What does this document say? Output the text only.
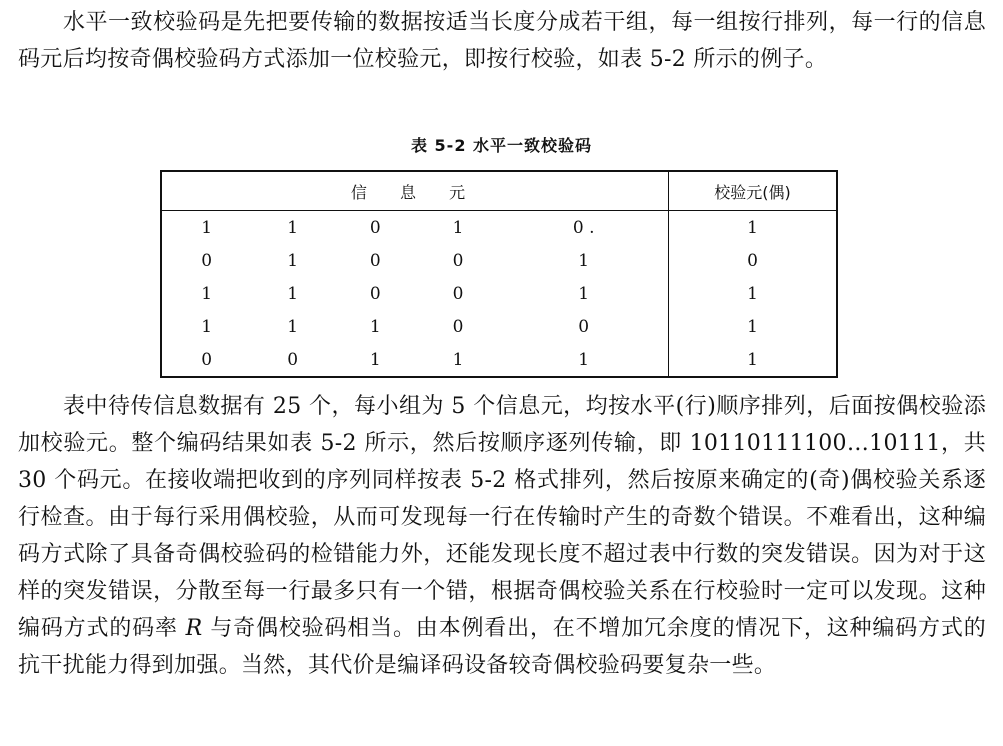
水平一致校验码是先把要传输的数据按适当长度分成若干组，每一组按行排列，每一行的信息码元后均按奇偶校验码方式添加一位校验元，即按行校验，如表 5-2 所示的例子。

表 5-2 水平一致校验码
信 息 元					校验元(偶)
1	1	0	1	0 .	1
0	1	0	0	1	0
1	1	0	0	1	1
1	1	1	0	0	1
0	0	1	1	1	1

表中待传信息数据有 25 个，每小组为 5 个信息元，均按水平(行)顺序排列，后面按偶校验添加校验元。整个编码结果如表 5-2 所示，然后按顺序逐列传输，即 10110111100…10111，共 30 个码元。在接收端把收到的序列同样按表 5-2 格式排列，然后按原来确定的(奇)偶校验关系逐行检查。由于每行采用偶校验，从而可发现每一行在传输时产生的奇数个错误。不难看出，这种编码方式除了具备奇偶校验码的检错能力外，还能发现长度不超过表中行数的突发错误。因为对于这样的突发错误，分散至每一行最多只有一个错，根据奇偶校验关系在行校验时一定可以发现。这种编码方式的码率 R 与奇偶校验码相当。由本例看出，在不增加冗余度的情况下，这种编码方式的抗干扰能力得到加强。当然，其代价是编译码设备较奇偶校验码要复杂一些。
